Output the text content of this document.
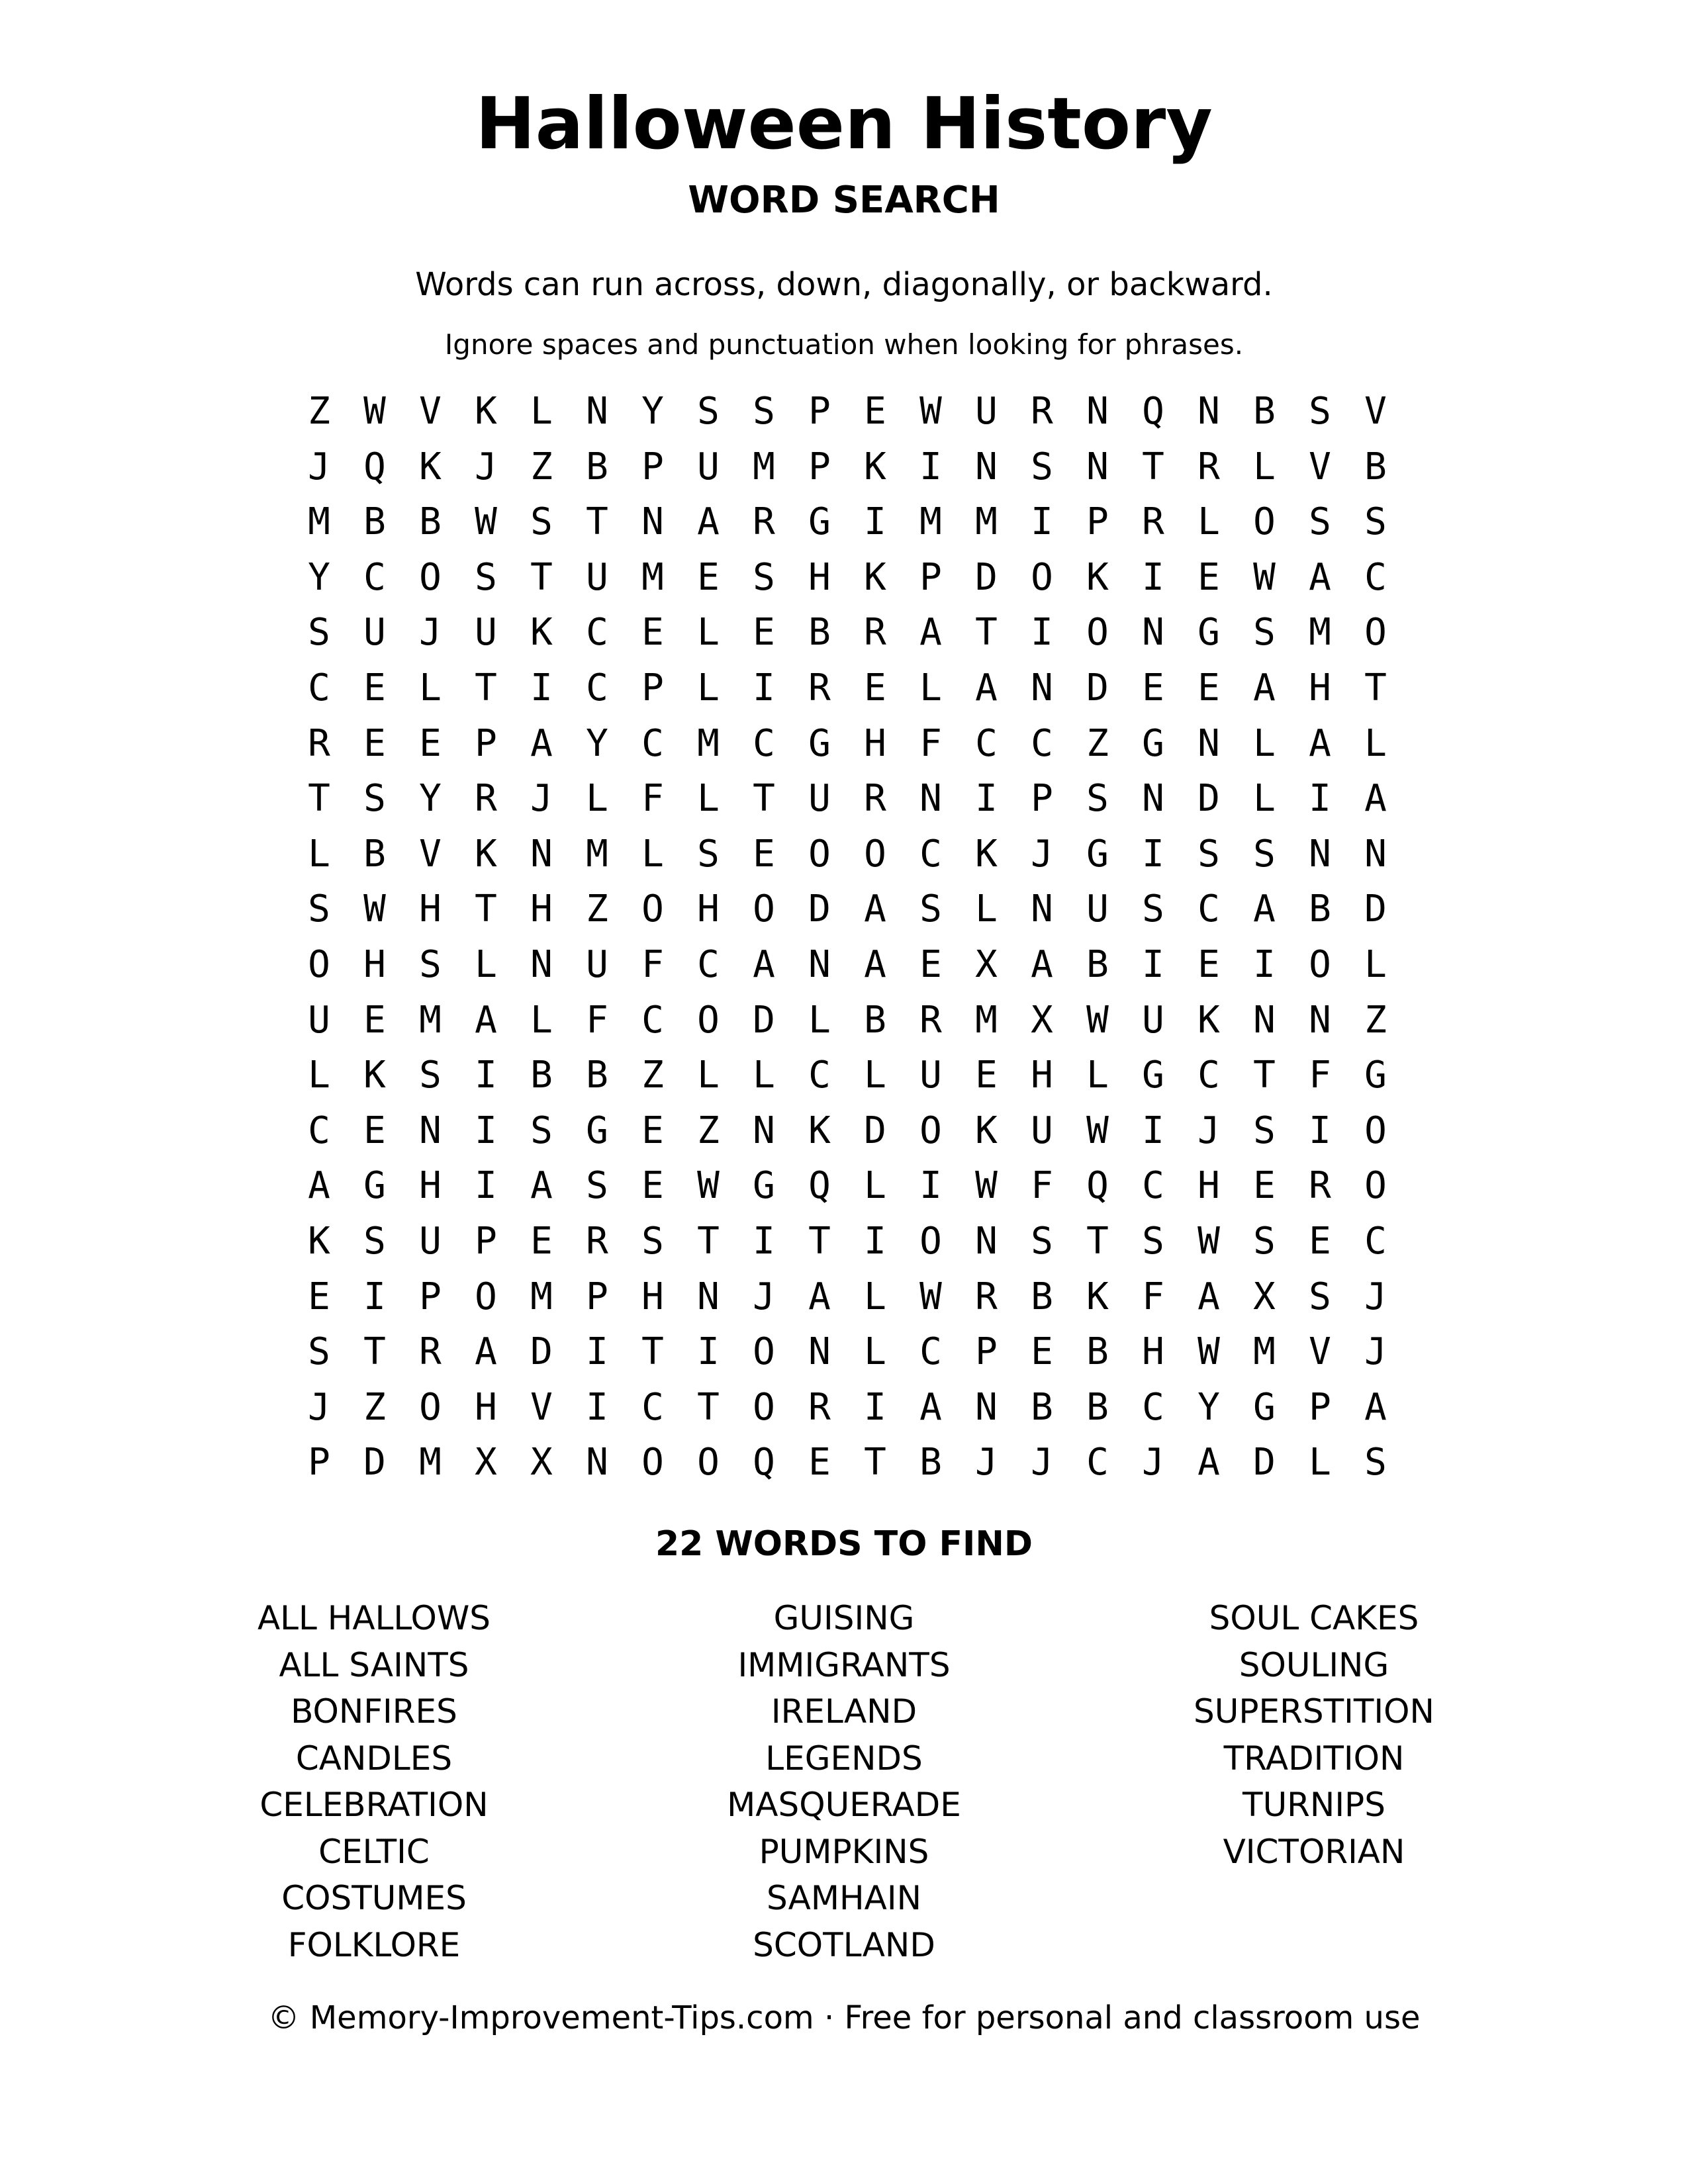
Halloween History
WORD SEARCH
Words can run across, down, diagonally, or backward.
Ignore spaces and punctuation when looking for phrases.
Z W V K L N Y S S P E W U R N Q N B S V
J Q K J Z B P U M P K I N S N T R L V B
M B B W S T N A R G I M M I P R L O S S
Y C O S T U M E S H K P D O K I E W A C
S U J U K C E L E B R A T I O N G S M O
C E L T I C P L I R E L A N D E E A H T
R E E P A Y C M C G H F C C Z G N L A L
T S Y R J L F L T U R N I P S N D L I A
L B V K N M L S E O O C K J G I S S N N
S W H T H Z O H O D A S L N U S C A B D
O H S L N U F C A N A E X A B I E I O L
U E M A L F C O D L B R M X W U K N N Z
L K S I B B Z L L C L U E H L G C T F G
C E N I S G E Z N K D O K U W I J S I O
A G H I A S E W G Q L I W F Q C H E R O
K S U P E R S T I T I O N S T S W S E C
E I P O M P H N J A L W R B K F A X S J
S T R A D I T I O N L C P E B H W M V J
J Z O H V I C T O R I A N B B C Y G P A
P D M X X N O O Q E T B J J C J A D L S
22 WORDS TO FIND
ALL HALLOWS
ALL SAINTS
BONFIRES
CANDLES
CELEBRATION
CELTIC
COSTUMES
FOLKLORE
GUISING
IMMIGRANTS
IRELAND
LEGENDS
MASQUERADE
PUMPKINS
SAMHAIN
SCOTLAND
SOUL CAKES
SOULING
SUPERSTITION
TRADITION
TURNIPS
VICTORIAN
© Memory-Improvement-Tips.com · Free for personal and classroom use
